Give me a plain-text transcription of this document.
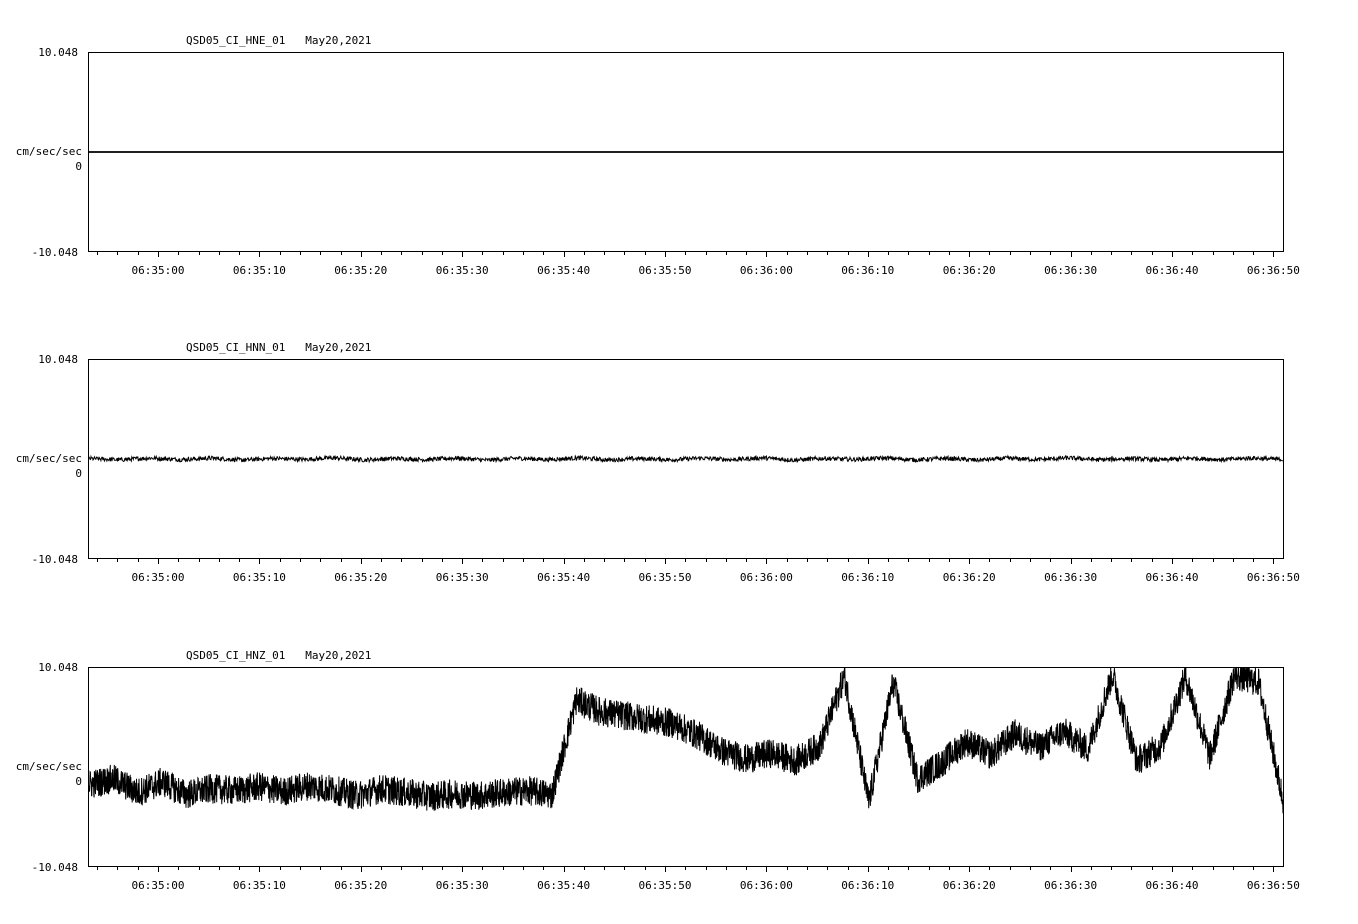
10.048
cm/sec/sec
0
-10.048
QSD05_CI_HNE_01   May20,2021
06:35:00	06:35:10	06:35:20	06:35:30	06:35:40	06:35:50	06:36:00	06:36:10	06:36:20	06:36:30	06:36:40	06:36:50
10.048
cm/sec/sec
0
-10.048
QSD05_CI_HNN_01   May20,2021
06:35:00	06:35:10	06:35:20	06:35:30	06:35:40	06:35:50	06:36:00	06:36:10	06:36:20	06:36:30	06:36:40	06:36:50
10.048
cm/sec/sec
0
-10.048
QSD05_CI_HNZ_01   May20,2021
06:35:00	06:35:10	06:35:20	06:35:30	06:35:40	06:35:50	06:36:00	06:36:10	06:36:20	06:36:30	06:36:40	06:36:50
